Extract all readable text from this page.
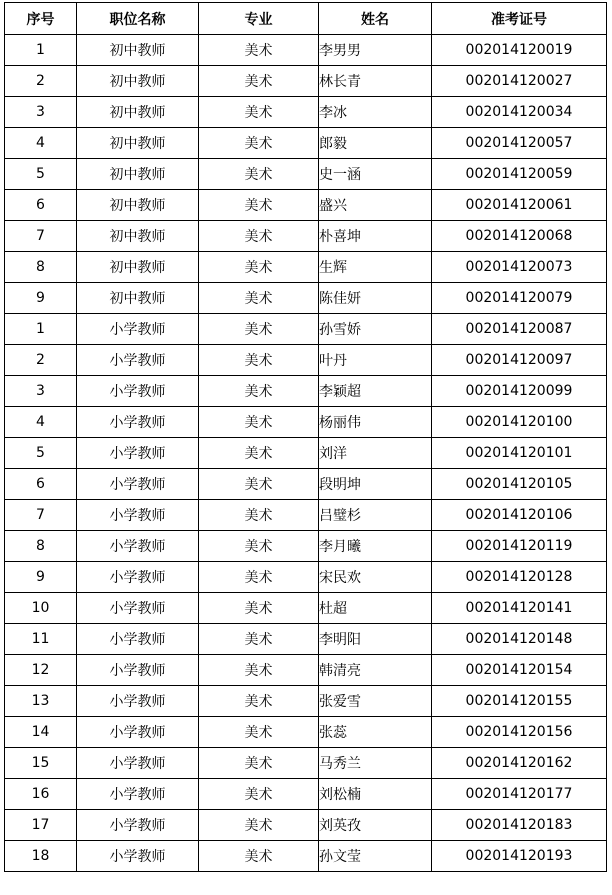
序号	职位名称	专业	姓名	准考证号
1	初中教师	美术	李男男	002014120019
2	初中教师	美术	林长青	002014120027
3	初中教师	美术	李冰	002014120034
4	初中教师	美术	郎毅	002014120057
5	初中教师	美术	史一涵	002014120059
6	初中教师	美术	盛兴	002014120061
7	初中教师	美术	朴喜坤	002014120068
8	初中教师	美术	生辉	002014120073
9	初中教师	美术	陈佳妍	002014120079
1	小学教师	美术	孙雪娇	002014120087
2	小学教师	美术	叶丹	002014120097
3	小学教师	美术	李颖超	002014120099
4	小学教师	美术	杨丽伟	002014120100
5	小学教师	美术	刘洋	002014120101
6	小学教师	美术	段明坤	002014120105
7	小学教师	美术	吕璧杉	002014120106
8	小学教师	美术	李月曦	002014120119
9	小学教师	美术	宋民欢	002014120128
10	小学教师	美术	杜超	002014120141
11	小学教师	美术	李明阳	002014120148
12	小学教师	美术	韩清亮	002014120154
13	小学教师	美术	张爱雪	002014120155
14	小学教师	美术	张蕊	002014120156
15	小学教师	美术	马秀兰	002014120162
16	小学教师	美术	刘松楠	002014120177
17	小学教师	美术	刘英孜	002014120183
18	小学教师	美术	孙文莹	002014120193
